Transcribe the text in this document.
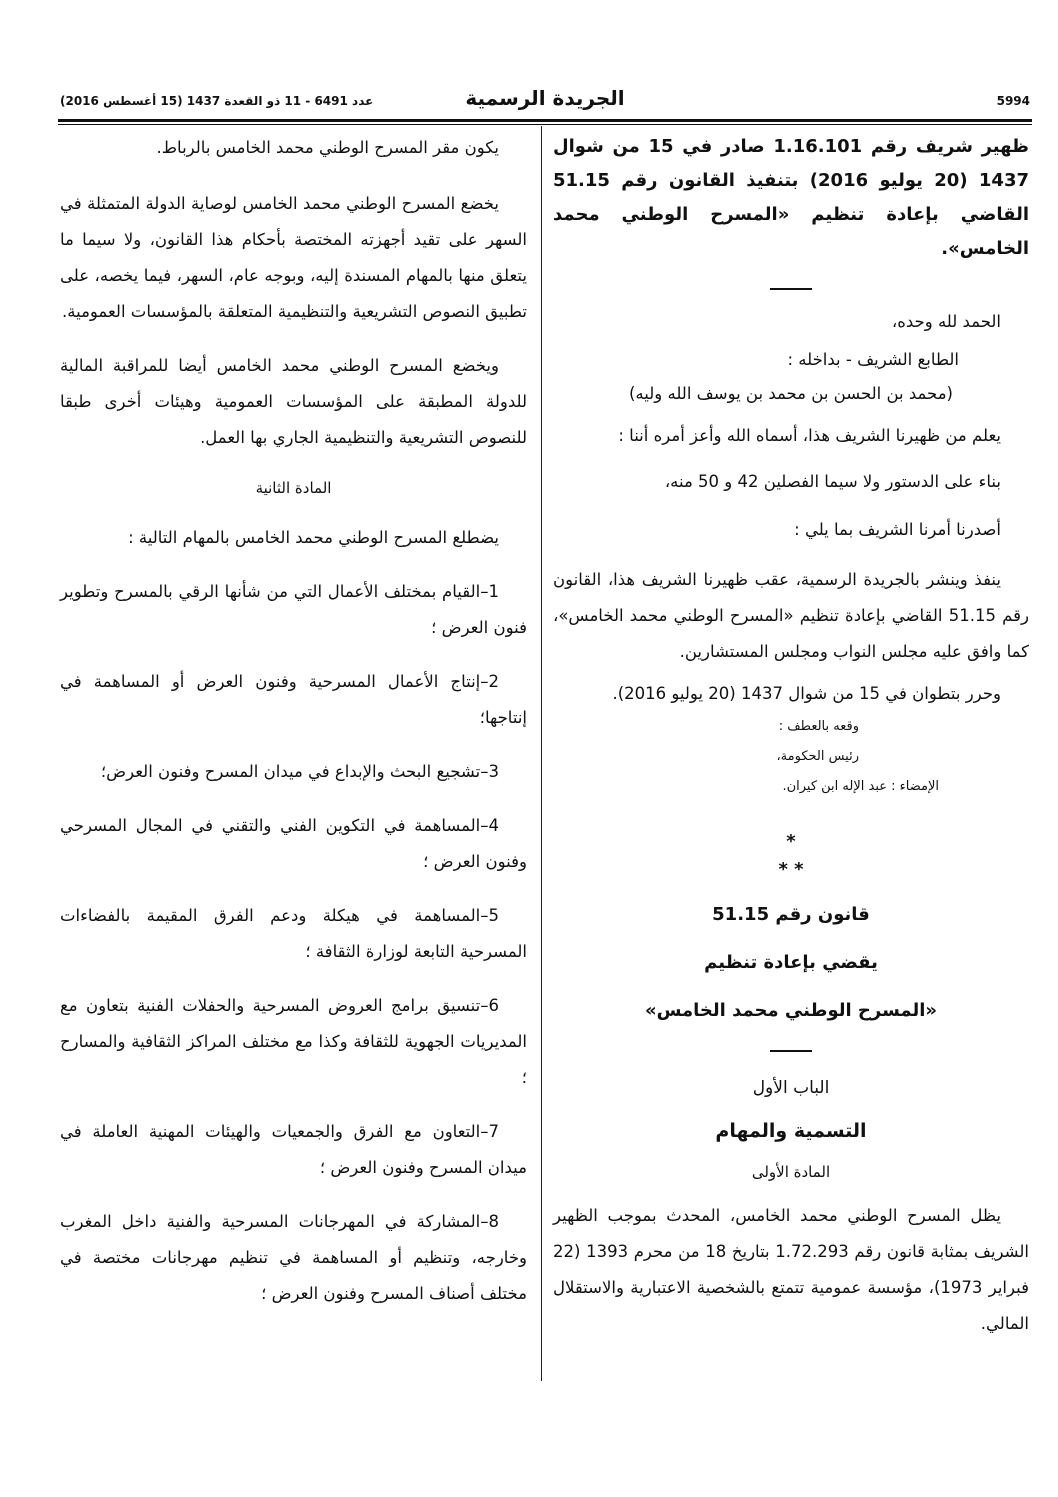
عدد 6491 - 11 ذو القعدة 1437 (15 أغسطس 2016)	الجريدة الرسمية	5994

ظهير شريف رقم 1.16.101 صادر في 15 من شوال 1437 (20 يوليو 2016) بتنفيذ القانون رقم 51.15 القاضي بإعادة تنظيم «المسرح الوطني محمد الخامس».

الحمد لله وحده،

الطابع الشريف - بداخله :

(محمد بن الحسن بن محمد بن يوسف الله وليه)

يعلم من ظهيرنا الشريف هذا، أسماه الله وأعز أمره أننا :

بناء على الدستور ولا سيما الفصلين 42 و 50 منه،

أصدرنا أمرنا الشريف بما يلي :

ينفذ وينشر بالجريدة الرسمية، عقب ظهيرنا الشريف هذا، القانون رقم 51.15 القاضي بإعادة تنظيم «المسرح الوطني محمد الخامس»، كما وافق عليه مجلس النواب ومجلس المستشارين.

وحرر بتطوان في 15 من شوال 1437 (20 يوليو 2016).

وقعه بالعطف :

رئيس الحكومة،

الإمضاء : عبد الإله ابن كيران.

*

* *

قانون رقم 51.15

يقضي بإعادة تنظيم

«المسرح الوطني محمد الخامس»

الباب الأول

التسمية والمهام

المادة الأولى

يظل المسرح الوطني محمد الخامس، المحدث بموجب الظهير الشريف بمثابة قانون رقم 1.72.293 بتاريخ 18 من محرم 1393 (22 فبراير 1973)، مؤسسة عمومية تتمتع بالشخصية الاعتبارية والاستقلال المالي.

يكون مقر المسرح الوطني محمد الخامس بالرباط.

يخضع المسرح الوطني محمد الخامس لوصاية الدولة المتمثلة في السهر على تقيد أجهزته المختصة بأحكام هذا القانون، ولا سيما ما يتعلق منها بالمهام المسندة إليه، وبوجه عام، السهر، فيما يخصه، على تطبيق النصوص التشريعية والتنظيمية المتعلقة بالمؤسسات العمومية.

ويخضع المسرح الوطني محمد الخامس أيضا للمراقبة المالية للدولة المطبقة على المؤسسات العمومية وهيئات أخرى طبقا للنصوص التشريعية والتنظيمية الجاري بها العمل.

المادة الثانية

يضطلع المسرح الوطني محمد الخامس بالمهام التالية :

1–القيام بمختلف الأعمال التي من شأنها الرقي بالمسرح وتطوير فنون العرض ؛

2–إنتاج الأعمال المسرحية وفنون العرض أو المساهمة في إنتاجها؛

3–تشجيع البحث والإبداع في ميدان المسرح وفنون العرض؛

4–المساهمة في التكوين الفني والتقني في المجال المسرحي وفنون العرض ؛

5–المساهمة في هيكلة ودعم الفرق المقيمة بالفضاءات المسرحية التابعة لوزارة الثقافة ؛

6–تنسيق برامج العروض المسرحية والحفلات الفنية بتعاون مع المديريات الجهوية للثقافة وكذا مع مختلف المراكز الثقافية والمسارح ؛

7–التعاون مع الفرق والجمعيات والهيئات المهنية العاملة في ميدان المسرح وفنون العرض ؛

8–المشاركة في المهرجانات المسرحية والفنية داخل المغرب وخارجه، وتنظيم أو المساهمة في تنظيم مهرجانات مختصة في مختلف أصناف المسرح وفنون العرض ؛
